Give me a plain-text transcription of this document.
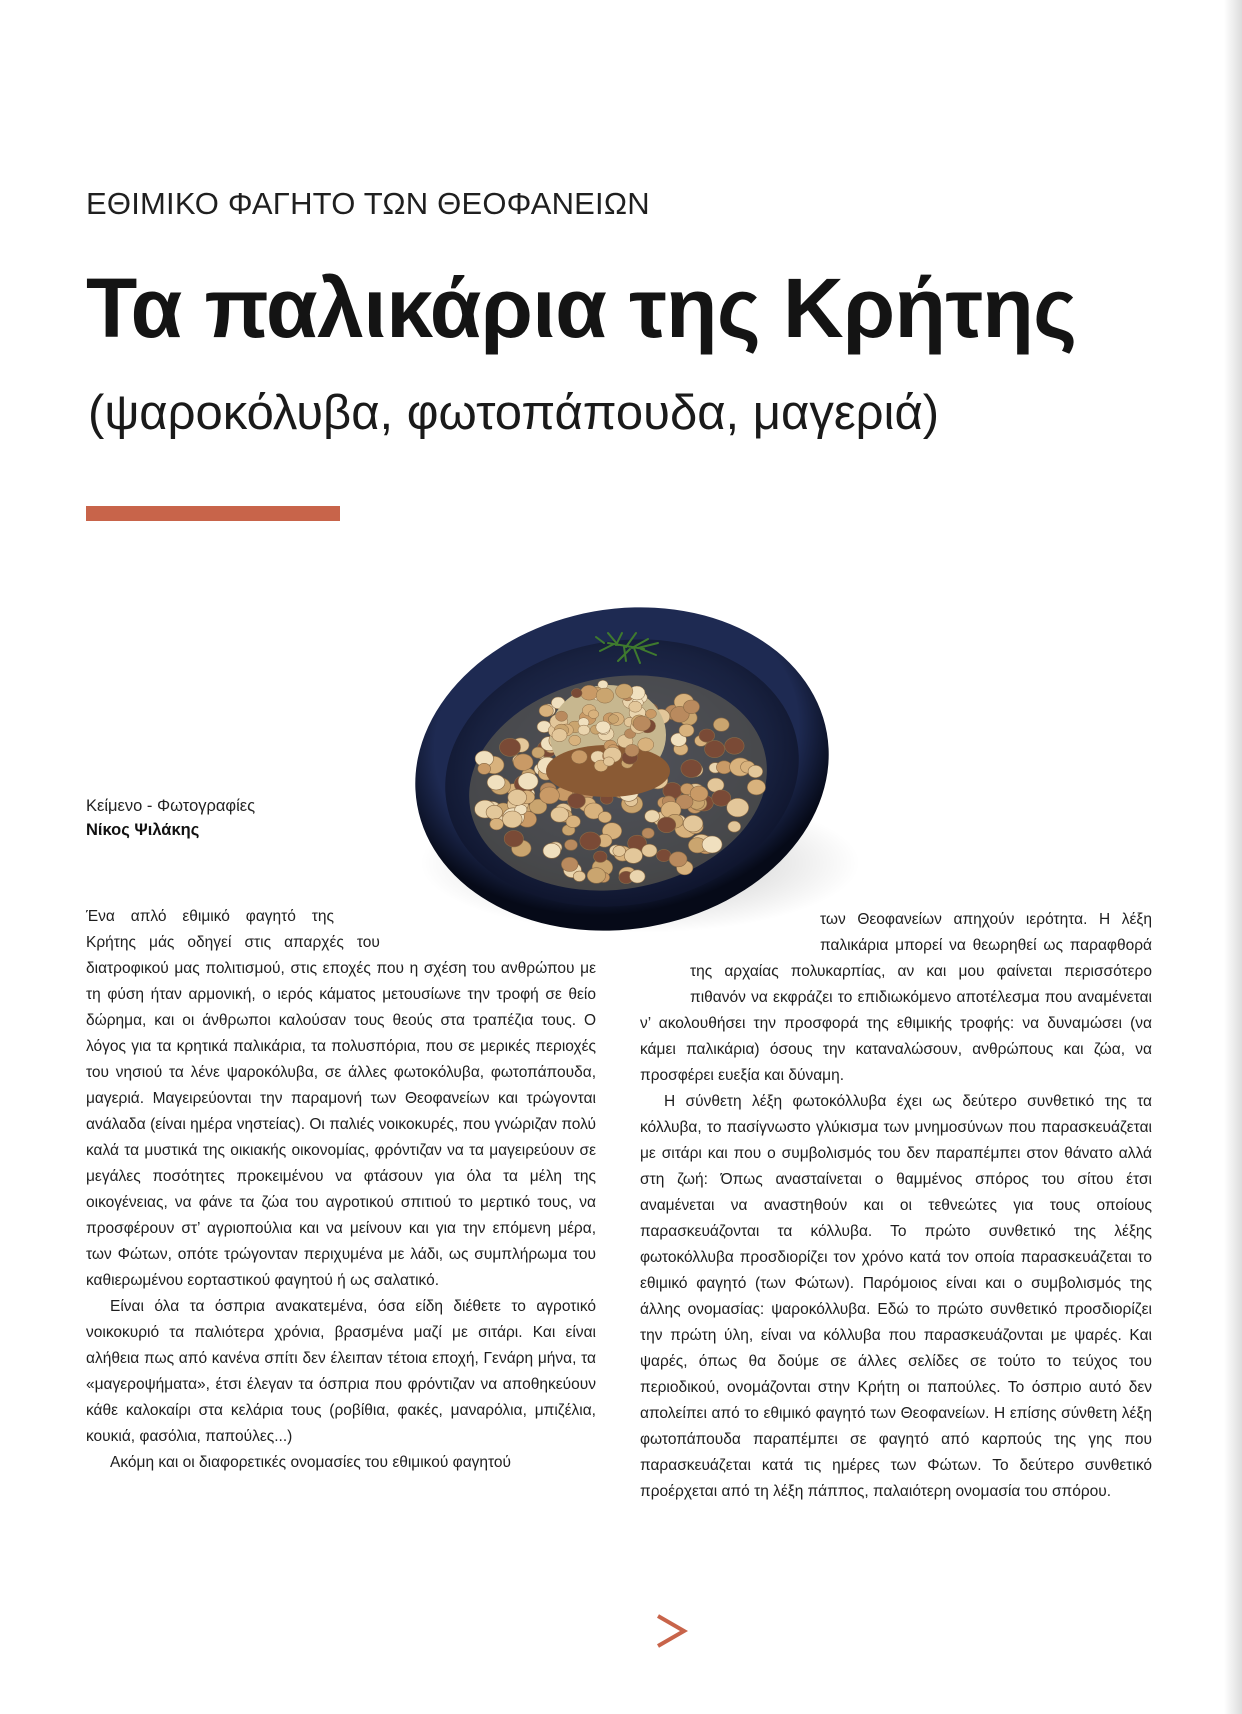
ΕΘΙΜΙΚΟ ΦΑΓΗΤΟ ΤΩΝ ΘΕΟΦΑΝΕΙΩΝ
Τα παλικάρια της Κρήτης
(ψαροκόλυβα, φωτοπάπουδα, μαγεριά)
Κείμενο - Φωτογραφίες
Νίκος Ψιλάκης

Ένα απλό εθιμικό φαγητό της Κρήτης μάς οδηγεί στις απαρχές του διατροφικού μας πολιτισμού, στις εποχές που η σχέση του ανθρώπου με τη φύση ήταν αρμονική, ο ιερός κάματος μετουσίωνε την τροφή σε θείο δώρημα, και οι άνθρωποι καλούσαν τους θεούς στα τραπέζια τους. Ο λόγος για τα κρητικά παλικάρια, τα πολυσπόρια, που σε μερικές περιοχές του νησιού τα λένε ψαροκόλυβα, σε άλλες φωτοκόλυβα, φωτοπάπουδα, μαγεριά. Μαγειρεύονται την παραμονή των Θεοφανείων και τρώγονται ανάλαδα (είναι ημέρα νηστείας). Οι παλιές νοικοκυρές, που γνώριζαν πολύ καλά τα μυστικά της οικιακής οικονομίας, φρόντιζαν να τα μαγειρεύουν σε μεγάλες ποσότητες προκειμένου να φτάσουν για όλα τα μέλη της οικογένειας, να φάνε τα ζώα του αγροτικού σπιτιού το μερτικό τους, να προσφέρουν στ’ αγριοπούλια και να μείνουν και για την επόμενη μέρα, των Φώτων, οπότε τρώγονταν περιχυμένα με λάδι, ως συμπλήρωμα του καθιερωμένου εορταστικού φαγητού ή ως σαλατικό.

Είναι όλα τα όσπρια ανακατεμένα, όσα είδη διέθετε το αγροτικό νοικοκυριό τα παλιότερα χρόνια, βρασμένα μαζί με σιτάρι. Και είναι αλήθεια πως από κανένα σπίτι δεν έλειπαν τέτοια εποχή, Γενάρη μήνα, τα «μαγεροψήματα», έτσι έλεγαν τα όσπρια που φρόντιζαν να αποθηκεύουν κάθε καλοκαίρι στα κελάρια τους (ροβίθια, φακές, μαναρόλια, μπιζέλια, κουκιά, φασόλια, παπούλες...)

Ακόμη και οι διαφορετικές ονομασίες του εθιμικού φαγητού

των Θεοφανείων απηχούν ιερότητα. Η λέξη παλικάρια μπορεί να θεωρηθεί ως παραφθορά της αρχαίας πολυκαρπίας, αν και μου φαίνεται περισσότερο πιθανόν να εκφράζει το επιδιωκόμενο αποτέλεσμα που αναμένεται ν’ ακολουθήσει την προσφορά της εθιμικής τροφής: να δυναμώσει (να κάμει παλικάρια) όσους την καταναλώσουν, ανθρώπους και ζώα, να προσφέρει ευεξία και δύναμη.

Η σύνθετη λέξη φωτοκόλλυβα έχει ως δεύτερο συνθετικό της τα κόλλυβα, το πασίγνωστο γλύκισμα των μνημοσύνων που παρασκευάζεται με σιτάρι και που ο συμβολισμός του δεν παραπέμπει στον θάνατο αλλά στη ζωή: Όπως ανασταίνεται ο θαμμένος σπόρος του σίτου έτσι αναμένεται να αναστηθούν και οι τεθνεώτες για τους οποίους παρασκευάζονται τα κόλλυβα. Το πρώτο συνθετικό της λέξης φωτοκόλλυβα προσδιορίζει τον χρόνο κατά τον οποία παρασκευάζεται το εθιμικό φαγητό (των Φώτων). Παρόμοιος είναι και ο συμβολισμός της άλλης ονομασίας: ψαροκόλλυβα. Εδώ το πρώτο συνθετικό προσδιορίζει την πρώτη ύλη, είναι να κόλλυβα που παρασκευάζονται με ψαρές. Και ψαρές, όπως θα δούμε σε άλλες σελίδες σε τούτο το τεύχος του περιοδικού, ονομάζονται στην Κρήτη οι παπούλες. Το όσπριο αυτό δεν απολείπει από το εθιμικό φαγητό των Θεοφανείων. Η επίσης σύνθετη λέξη φωτοπάπουδα παραπέμπει σε φαγητό από καρπούς της γης που παρασκευάζεται κατά τις ημέρες των Φώτων. Το δεύτερο συνθετικό προέρχεται από τη λέξη πάππος, παλαιότερη ονομασία του σπόρου.
